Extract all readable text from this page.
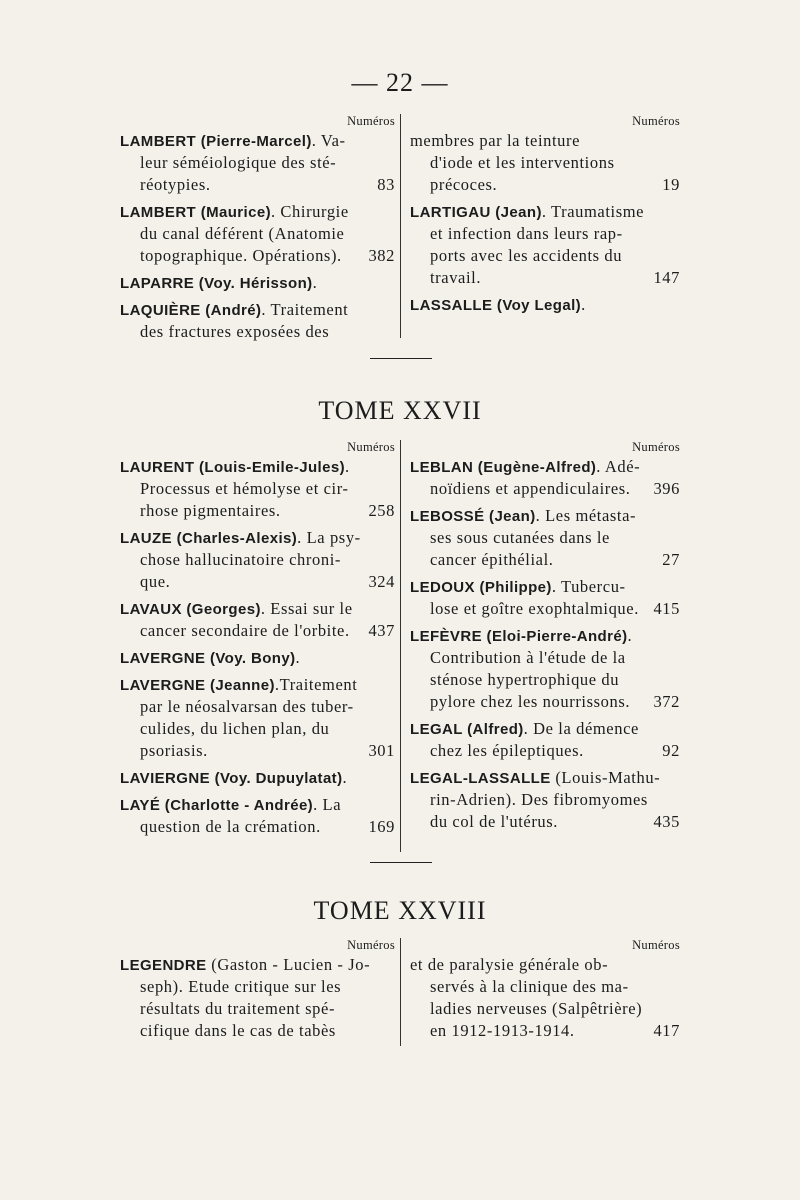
— 22 —
Numéros
LAMBERT (Pierre-Marcel). Va-
leur séméiologique des sté-
réotypies.	83
LAMBERT (Maurice). Chirurgie
du canal déférent (Anatomie
topographique. Opérations).	382
LAPARRE (Voy. Hérisson).
LAQUIÈRE (André). Traitement
des fractures exposées des
Numéros
membres par la teinture
d'iode et les interventions
précoces.	19
LARTIGAU (Jean). Traumatisme
et infection dans leurs rap-
ports avec les accidents du
travail.	147
LASSALLE (Voy Legal).
TOME XXVII
Numéros
LAURENT (Louis-Emile-Jules).
Processus et hémolyse et cir-
rhose pigmentaires.	258
LAUZE (Charles-Alexis). La psy-
chose hallucinatoire chroni-
que.	324
LAVAUX (Georges). Essai sur le
cancer secondaire de l'orbite.	437
LAVERGNE (Voy. Bony).
LAVERGNE (Jeanne).Traitement
par le néosalvarsan des tuber-
culides, du lichen plan, du
psoriasis.	301
LAVIERGNE (Voy. Dupuylatat).
LAYÉ (Charlotte - Andrée). La
question de la crémation.	169
Numéros
LEBLAN (Eugène-Alfred). Adé-
noïdiens et appendiculaires.	396
LEBOSSÉ (Jean). Les métasta-
ses sous cutanées dans le
cancer épithélial.	27
LEDOUX (Philippe). Tubercu-
lose et goître exophtalmique. 415
LEFÈVRE (Eloi-Pierre-André).
Contribution à l'étude de la
sténose hypertrophique du
pylore chez les nourrissons.	372
LEGAL (Alfred). De la démence
chez les épileptiques.	92
LEGAL-LASSALLE (Louis-Mathu-
rin-Adrien). Des fibromyomes
du col de l'utérus.	435
TOME XXVIII
Numéros
LEGENDRE (Gaston - Lucien - Jo-
seph). Etude critique sur les
résultats du traitement spé-
cifique dans le cas de tabès
Numéros
et de paralysie générale ob-
servés à la clinique des ma-
ladies nerveuses (Salpêtrière)
en 1912-1913-1914.	417
